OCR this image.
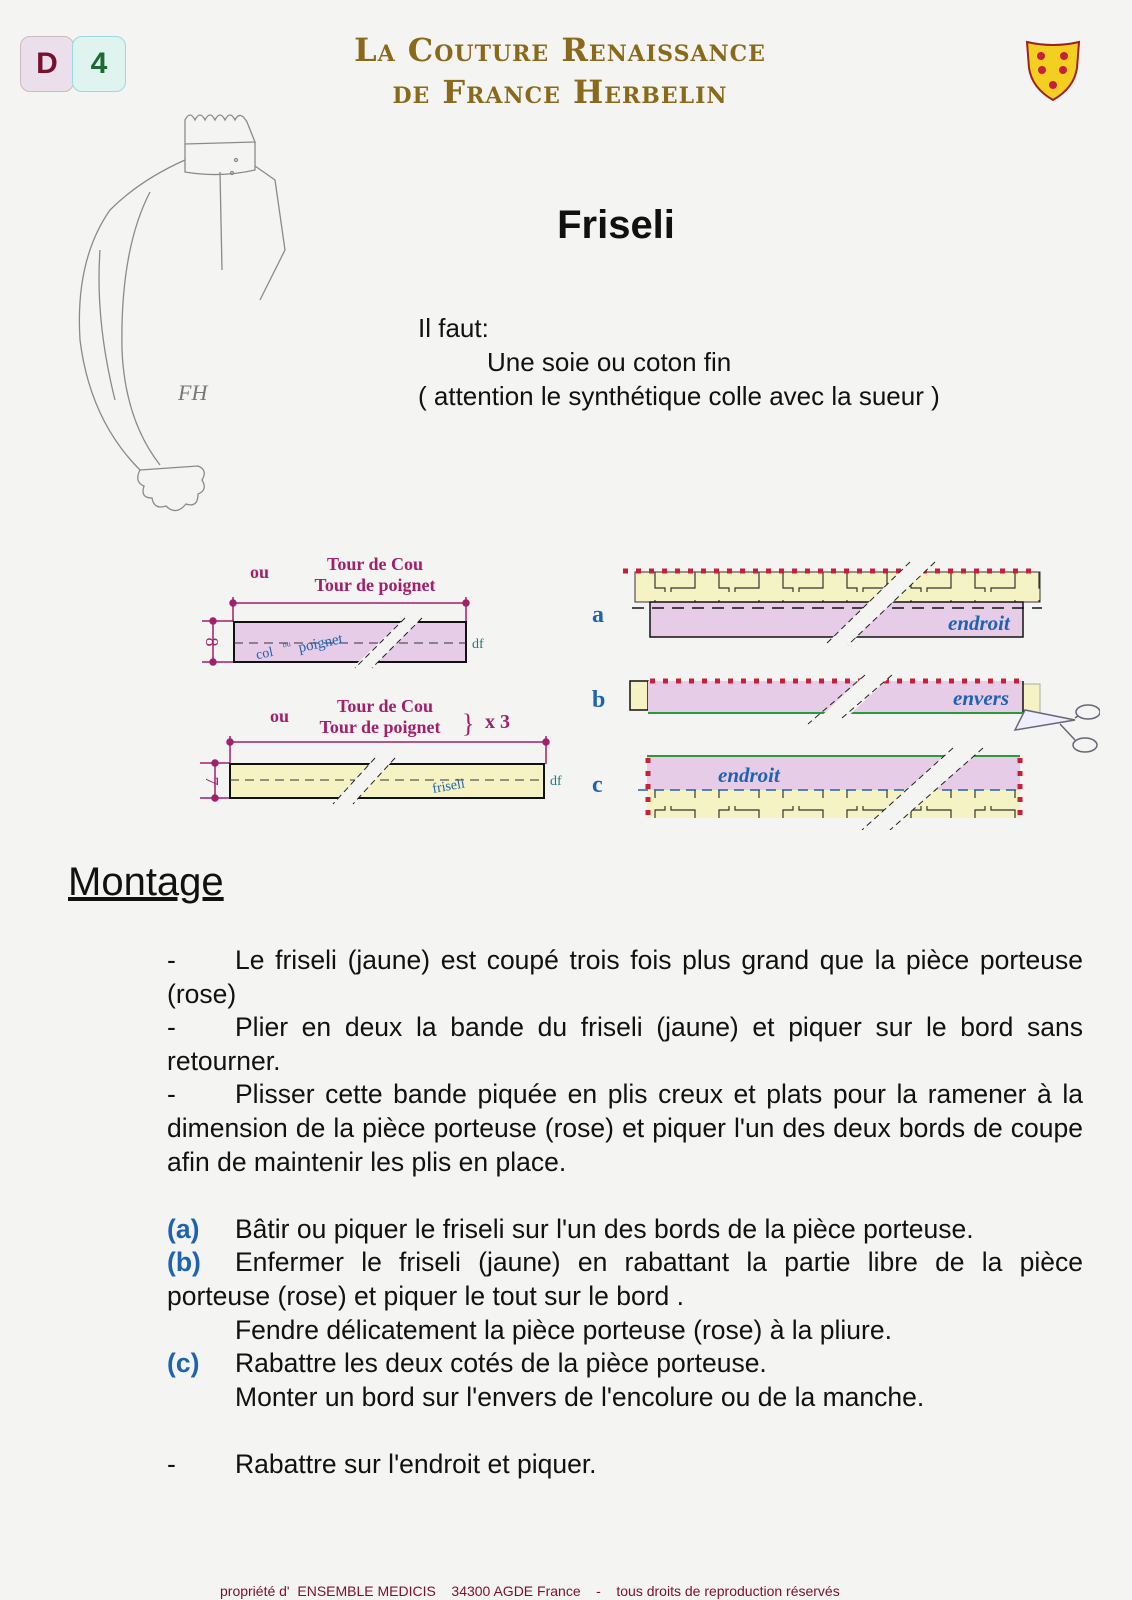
D	4	La Couture Renaissance
de France Herbelin
FH
Friseli
Il faut:
Une soie ou coton fin
( attention le synthétique colle avec la sueur )
ou	Tour de Cou
Tour de poignet
ou	Tour de Cou
Tour de poignet } x 3
8
7
df
col
ou poignet
friseli	df
a
b
c
endroit
envers
endroit
Montage

- Le friseli (jaune) est coupé trois fois plus grand que la pièce porteuse (rose)

- Plier en deux la bande du friseli (jaune) et piquer sur le bord sans retourner.

- Plisser cette bande piquée en plis creux et plats pour la ramener à la dimension de la pièce porteuse (rose) et piquer l'un des deux bords de coupe afin de maintenir les plis en place.

(a) Bâtir ou piquer le friseli sur l'un des bords de la pièce porteuse.

(b) Enfermer le friseli (jaune) en rabattant la partie libre de la pièce porteuse (rose) et piquer le tout sur le bord .

Fendre délicatement la pièce porteuse (rose) à la pliure.

(c) Rabattre les deux cotés de la pièce porteuse.

Monter un bord sur l'envers de l'encolure ou de la manche.

- Rabattre sur l'endroit et piquer.

propriété d'  ENSEMBLE MEDICIS    34300 AGDE France    -    tous droits de reproduction réservés
